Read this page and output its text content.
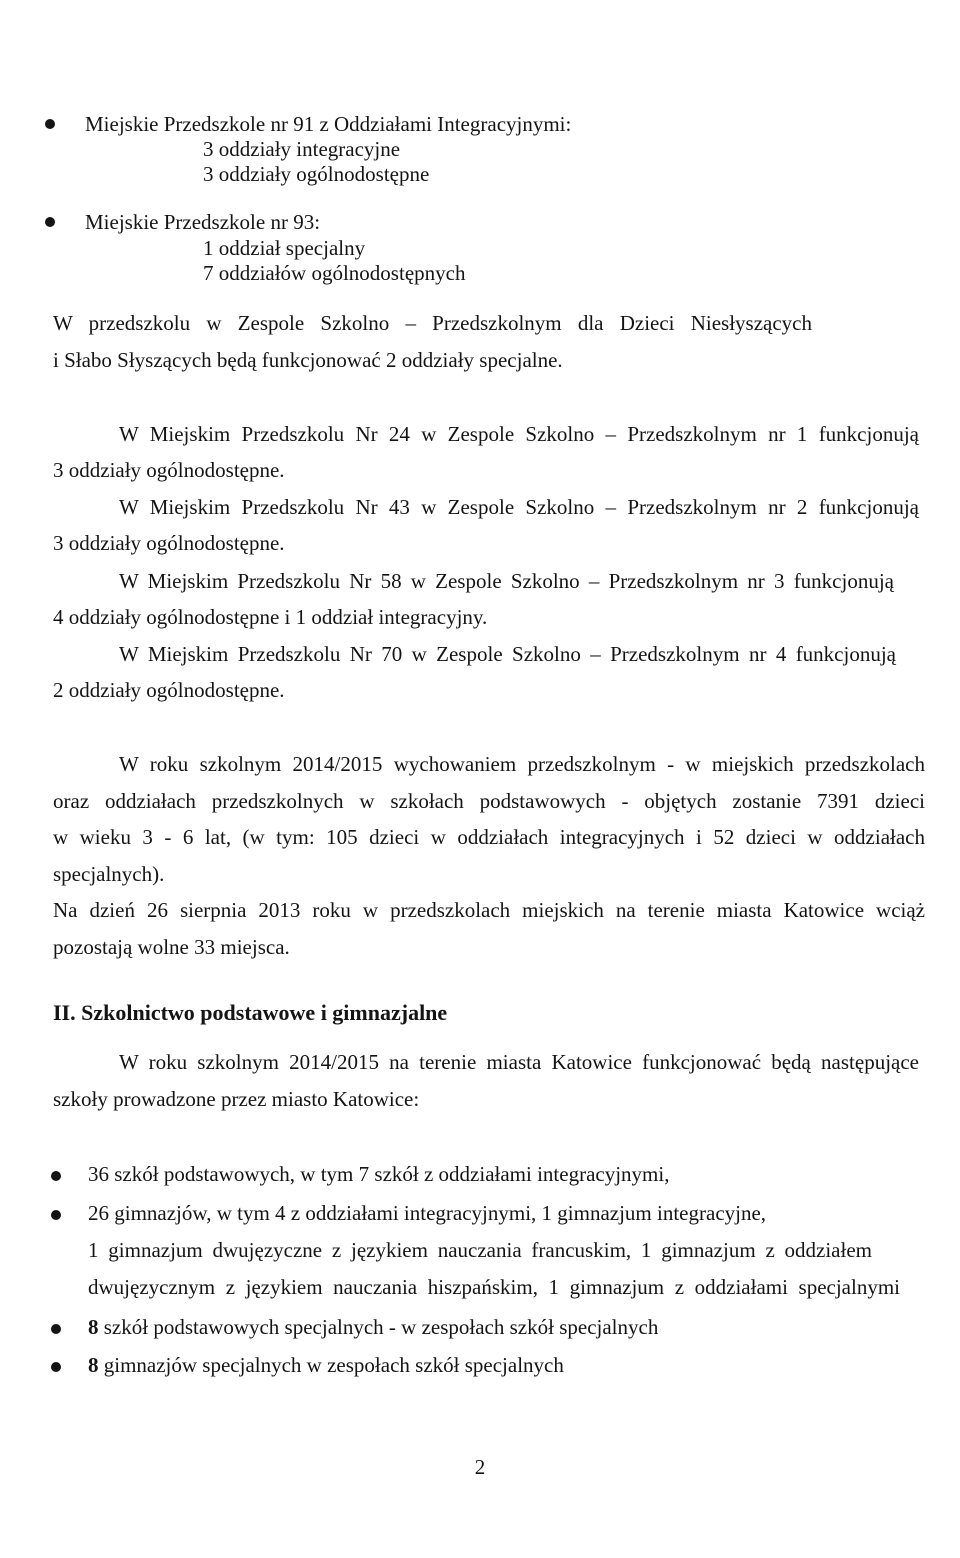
Miejskie Przedszkole nr 91 z Oddziałami Integracyjnymi:
3 oddziały integracyjne
3 oddziały ogólnodostępne
Miejskie Przedszkole nr 93:
1 oddział specjalny
7 oddziałów ogólnodostępnych
W przedszkolu w Zespole Szkolno – Przedszkolnym dla Dzieci Niesłyszących
i Słabo Słyszących będą funkcjonować 2 oddziały specjalne.
W Miejskim Przedszkolu Nr 24 w Zespole Szkolno – Przedszkolnym nr 1 funkcjonują
3 oddziały ogólnodostępne.
W Miejskim Przedszkolu Nr 43 w Zespole Szkolno – Przedszkolnym nr 2 funkcjonują
3 oddziały ogólnodostępne.
W Miejskim Przedszkolu Nr 58 w Zespole Szkolno – Przedszkolnym nr 3 funkcjonują
4 oddziały ogólnodostępne i 1 oddział integracyjny.
W Miejskim Przedszkolu Nr 70 w Zespole Szkolno – Przedszkolnym nr 4 funkcjonują
2 oddziały ogólnodostępne.
W roku szkolnym 2014/2015 wychowaniem przedszkolnym - w miejskich przedszkolach
oraz oddziałach przedszkolnych w szkołach podstawowych - objętych zostanie 7391 dzieci
w wieku 3 - 6 lat, (w tym: 105 dzieci w oddziałach integracyjnych i 52 dzieci w oddziałach
specjalnych).
Na dzień 26 sierpnia 2013 roku w przedszkolach miejskich na terenie miasta Katowice wciąż
pozostają wolne 33 miejsca.
II. Szkolnictwo podstawowe i gimnazjalne
W roku szkolnym 2014/2015 na terenie miasta Katowice funkcjonować będą następujące
szkoły prowadzone przez miasto Katowice:
36 szkół podstawowych, w tym 7 szkół z oddziałami integracyjnymi,
26 gimnazjów, w tym 4 z oddziałami integracyjnymi, 1 gimnazjum integracyjne,
1 gimnazjum dwujęzyczne z językiem nauczania francuskim, 1 gimnazjum z oddziałem
dwujęzycznym z językiem nauczania hiszpańskim, 1 gimnazjum z oddziałami specjalnymi
8 szkół podstawowych specjalnych - w zespołach szkół specjalnych
8 gimnazjów specjalnych w zespołach szkół specjalnych
2
